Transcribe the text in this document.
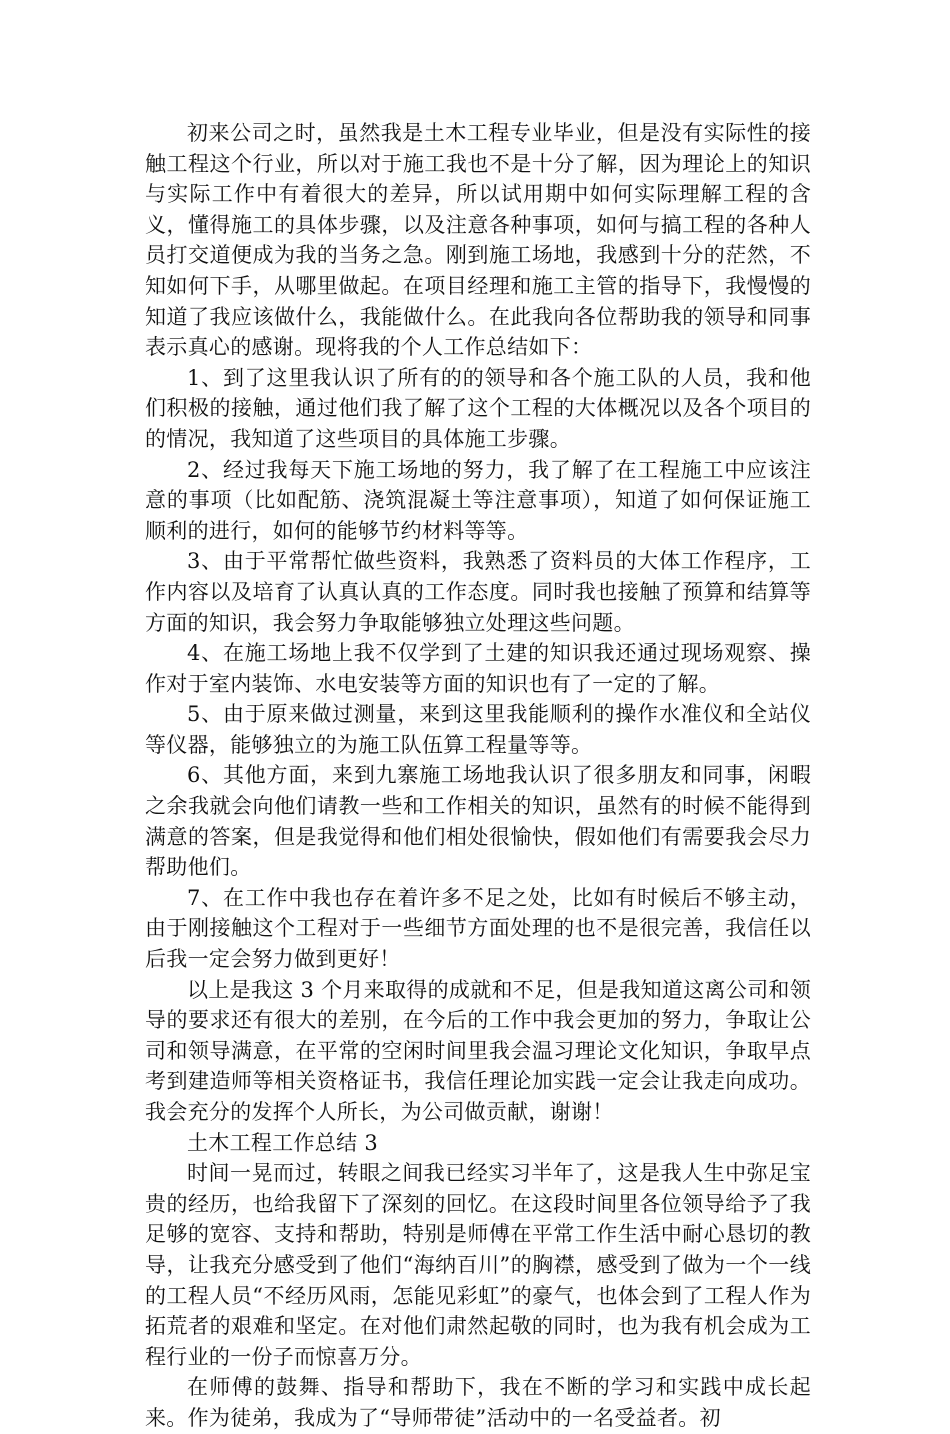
初来公司之时，虽然我是土木工程专业毕业，但是没有实际性的接触工程这个行业，所以对于施工我也不是十分了解，因为理论上的知识与实际工作中有着很大的差异，所以试用期中如何实际理解工程的含义，懂得施工的具体步骤，以及注意各种事项，如何与搞工程的各种人员打交道便成为我的当务之急。刚到施工场地，我感到十分的茫然，不知如何下手，从哪里做起。在项目经理和施工主管的指导下，我慢慢的知道了我应该做什么，我能做什么。在此我向各位帮助我的领导和同事表示真心的感谢。现将我的个人工作总结如下：

1、到了这里我认识了所有的的领导和各个施工队的人员，我和他们积极的接触，通过他们我了解了这个工程的大体概况以及各个项目的的情况，我知道了这些项目的具体施工步骤。

2、经过我每天下施工场地的努力，我了解了在工程施工中应该注意的事项（比如配筋、浇筑混凝土等注意事项），知道了如何保证施工顺利的进行，如何的能够节约材料等等。

3、由于平常帮忙做些资料，我熟悉了资料员的大体工作程序，工作内容以及培育了认真认真的工作态度。同时我也接触了预算和结算等方面的知识，我会努力争取能够独立处理这些问题。

4、在施工场地上我不仅学到了土建的知识我还通过现场观察、操作对于室内装饰、水电安装等方面的知识也有了一定的了解。

5、由于原来做过测量，来到这里我能顺利的操作水准仪和全站仪等仪器，能够独立的为施工队伍算工程量等等。

6、其他方面，来到九寨施工场地我认识了很多朋友和同事，闲暇之余我就会向他们请教一些和工作相关的知识，虽然有的时候不能得到满意的答案，但是我觉得和他们相处很愉快，假如他们有需要我会尽力帮助他们。

7、在工作中我也存在着许多不足之处，比如有时候后不够主动，由于刚接触这个工程对于一些细节方面处理的也不是很完善，我信任以后我一定会努力做到更好！

以上是我这 3 个月来取得的成就和不足，但是我知道这离公司和领导的要求还有很大的差别，在今后的工作中我会更加的努力，争取让公司和领导满意，在平常的空闲时间里我会温习理论文化知识，争取早点考到建造师等相关资格证书，我信任理论加实践一定会让我走向成功。我会充分的发挥个人所长，为公司做贡献，谢谢！

土木工程工作总结 3

时间一晃而过，转眼之间我已经实习半年了，这是我人生中弥足宝贵的经历，也给我留下了深刻的回忆。在这段时间里各位领导给予了我足够的宽容、支持和帮助，特别是师傅在平常工作生活中耐心恳切的教导，让我充分感受到了他们“海纳百川”的胸襟，感受到了做为一个一线的工程人员“不经历风雨，怎能见彩虹”的豪气，也体会到了工程人作为拓荒者的艰难和坚定。在对他们肃然起敬的同时，也为我有机会成为工程行业的一份子而惊喜万分。

在师傅的鼓舞、指导和帮助下，我在不断的学习和实践中成长起来。作为徒弟，我成为了“导师带徒”活动中的一名受益者。初
